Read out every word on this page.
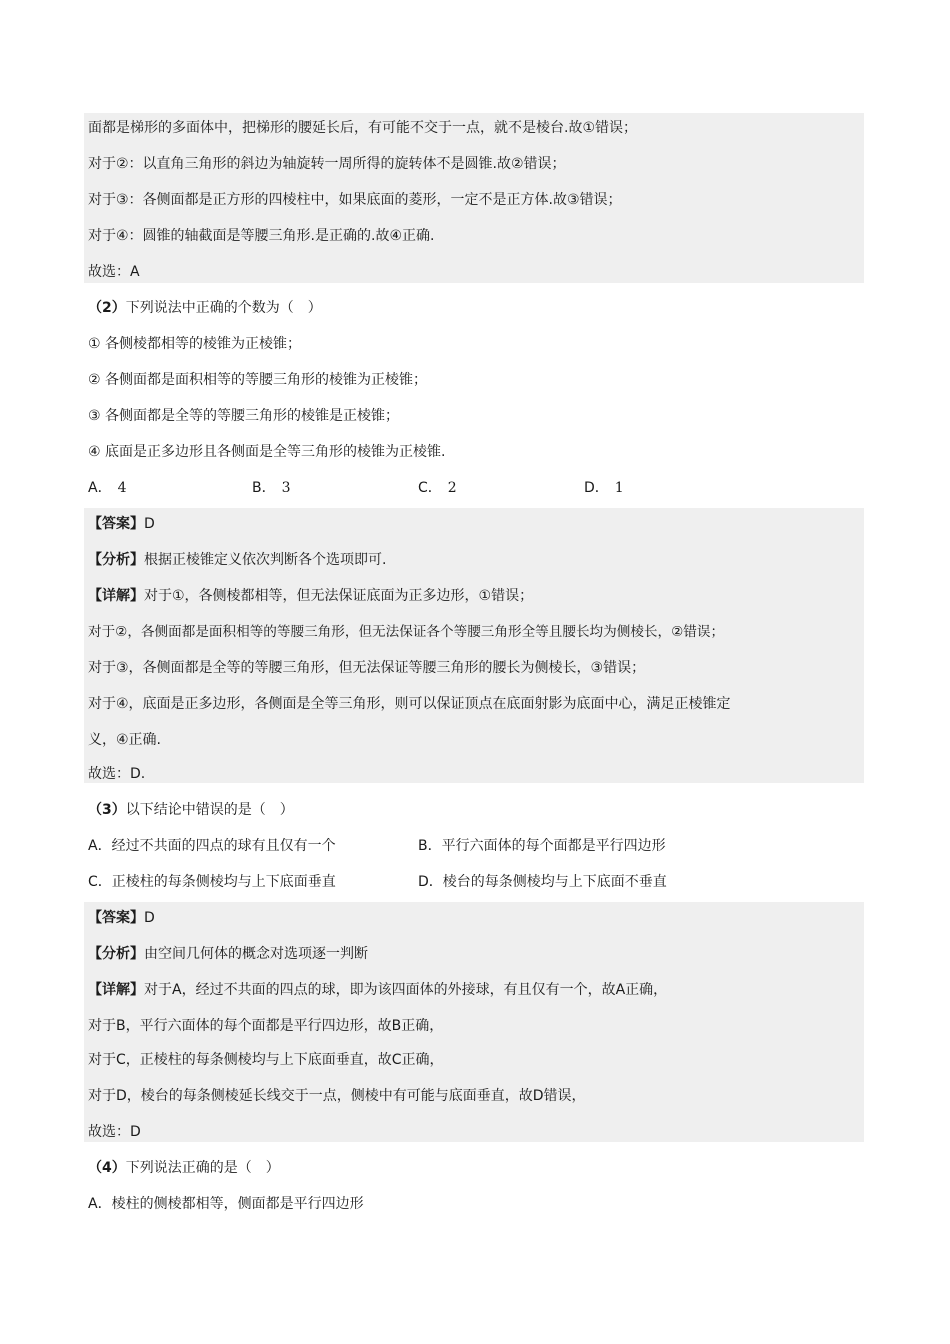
面都是梯形的多面体中，把梯形的腰延长后，有可能不交于一点，就不是棱台.故①错误；
对于②：以直角三角形的斜边为轴旋转一周所得的旋转体不是圆锥.故②错误；
对于③：各侧面都是正方形的四棱柱中，如果底面的菱形，一定不是正方体.故③错误；
对于④：圆锥的轴截面是等腰三角形.是正确的.故④正确.
故选：A
（2）下列说法中正确的个数为（　）
① 各侧棱都相等的棱锥为正棱锥；
② 各侧面都是面积相等的等腰三角形的棱锥为正棱锥；
③ 各侧面都是全等的等腰三角形的棱锥是正棱锥；
④ 底面是正多边形且各侧面是全等三角形的棱锥为正棱锥.
A． 4	B． 3	C． 2	D． 1
【答案】D
【分析】根据正棱锥定义依次判断各个选项即可.
【详解】对于①，各侧棱都相等，但无法保证底面为正多边形，①错误；
对于②，各侧面都是面积相等的等腰三角形，但无法保证各个等腰三角形全等且腰长均为侧棱长，②错误；
对于③，各侧面都是全等的等腰三角形，但无法保证等腰三角形的腰长为侧棱长，③错误；
对于④，底面是正多边形，各侧面是全等三角形，则可以保证顶点在底面射影为底面中心，满足正棱锥定
义，④正确.
故选：D.
（3）以下结论中错误的是（　）
A．经过不共面的四点的球有且仅有一个	B．平行六面体的每个面都是平行四边形
C．正棱柱的每条侧棱均与上下底面垂直	D．棱台的每条侧棱均与上下底面不垂直
【答案】D
【分析】由空间几何体的概念对选项逐一判断
【详解】对于A，经过不共面的四点的球，即为该四面体的外接球，有且仅有一个，故A正确，
对于B，平行六面体的每个面都是平行四边形，故B正确，
对于C，正棱柱的每条侧棱均与上下底面垂直，故C正确，
对于D，棱台的每条侧棱延长线交于一点，侧棱中有可能与底面垂直，故D错误，
故选：D
（4）下列说法正确的是（　）
A．棱柱的侧棱都相等，侧面都是平行四边形
